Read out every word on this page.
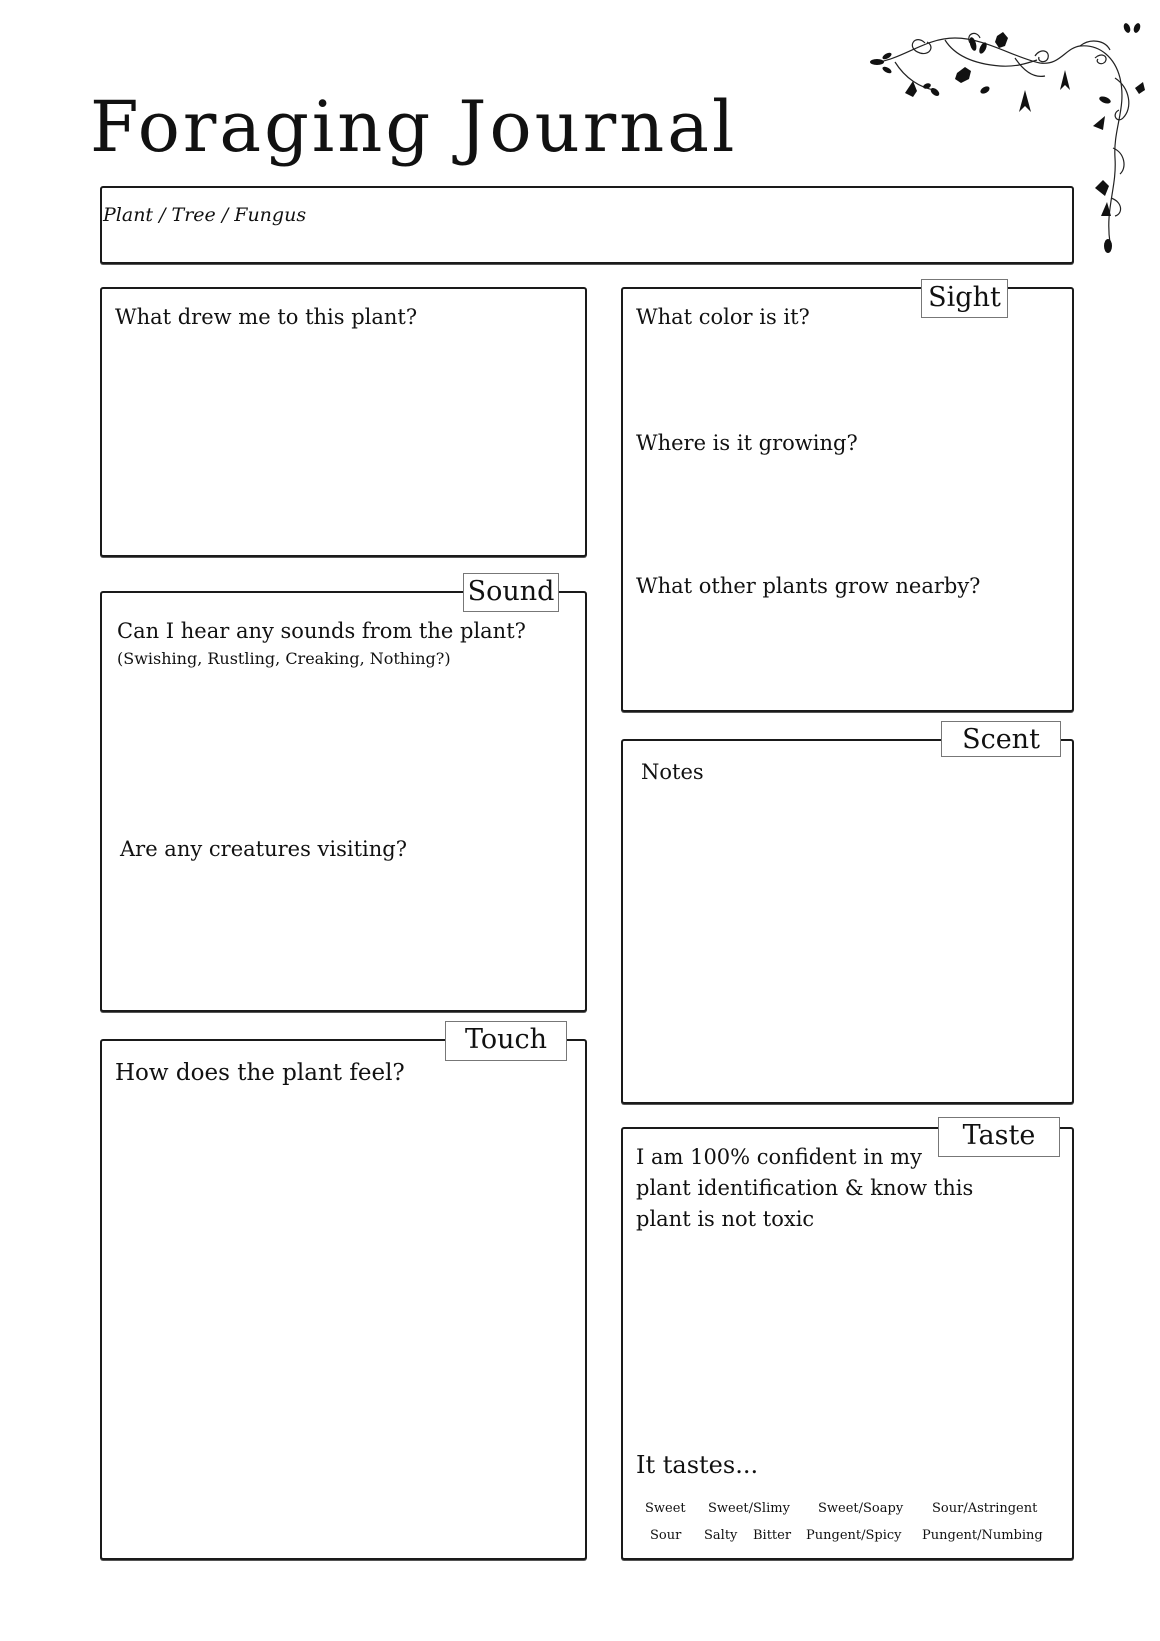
Foraging Journal
Plant / Tree / Fungus
What drew me to this plant?	What color is it?
Where is it growing?
What other plants grow nearby?
Sight
Can I hear any sounds from the plant?
(Swishing, Rustling, Creaking, Nothing?)
Are any creatures visiting?
Sound
Notes
Scent
How does the plant feel?
Touch
I am 100% confident in my
plant identification & know this
plant is not toxic
It tastes...
Sweet Sweet/Slimy Sweet/Soapy Sour/Astringent
Sour Salty Bitter Pungent/Spicy Pungent/Numbing
Taste
